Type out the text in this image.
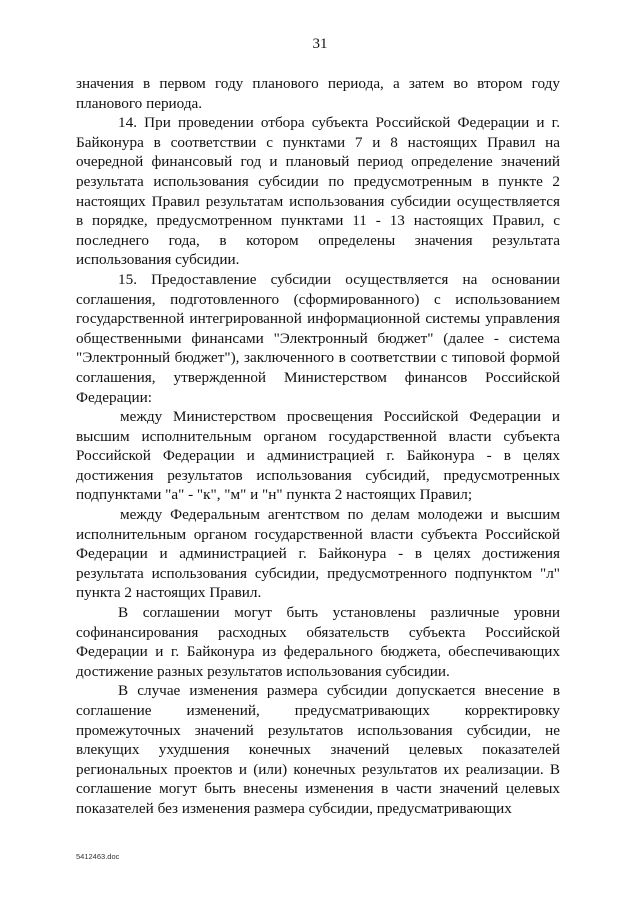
31

значения в первом году планового периода, а затем во втором году планового периода.

14. При проведении отбора субъекта Российской Федерации и г. Байконура в соответствии с пунктами 7 и 8 настоящих Правил на очередной финансовый год и плановый период определение значений результата использования субсидии по предусмотренным в пункте 2 настоящих Правил результатам использования субсидии осуществляется в порядке, предусмотренном пунктами 11 - 13 настоящих Правил, с последнего года, в котором определены значения результата использования субсидии.

15. Предоставление субсидии осуществляется на основании соглашения, подготовленного (сформированного) с использованием государственной интегрированной информационной системы управления общественными финансами "Электронный бюджет" (далее - система "Электронный бюджет"), заключенного в соответствии с типовой формой соглашения, утвержденной Министерством финансов Российской Федерации:

между Министерством просвещения Российской Федерации и высшим исполнительным органом государственной власти субъекта Российской Федерации и администрацией г. Байконура - в целях достижения результатов использования субсидий, предусмотренных подпунктами "а" - "к", "м" и "н" пункта 2 настоящих Правил;

между Федеральным агентством по делам молодежи и высшим исполнительным органом государственной власти субъекта Российской Федерации и администрацией г. Байконура - в целях достижения результата использования субсидии, предусмотренного подпунктом "л" пункта 2 настоящих Правил.

В соглашении могут быть установлены различные уровни софинансирования расходных обязательств субъекта Российской Федерации и г. Байконура из федерального бюджета, обеспечивающих достижение разных результатов использования субсидии.

В случае изменения размера субсидии допускается внесение в соглашение изменений, предусматривающих корректировку промежуточных значений результатов использования субсидии, не влекущих ухудшения конечных значений целевых показателей региональных проектов и (или) конечных результатов их реализации. В соглашение могут быть внесены изменения в части значений целевых показателей без изменения размера субсидии, предусматривающих

5412463.doc
